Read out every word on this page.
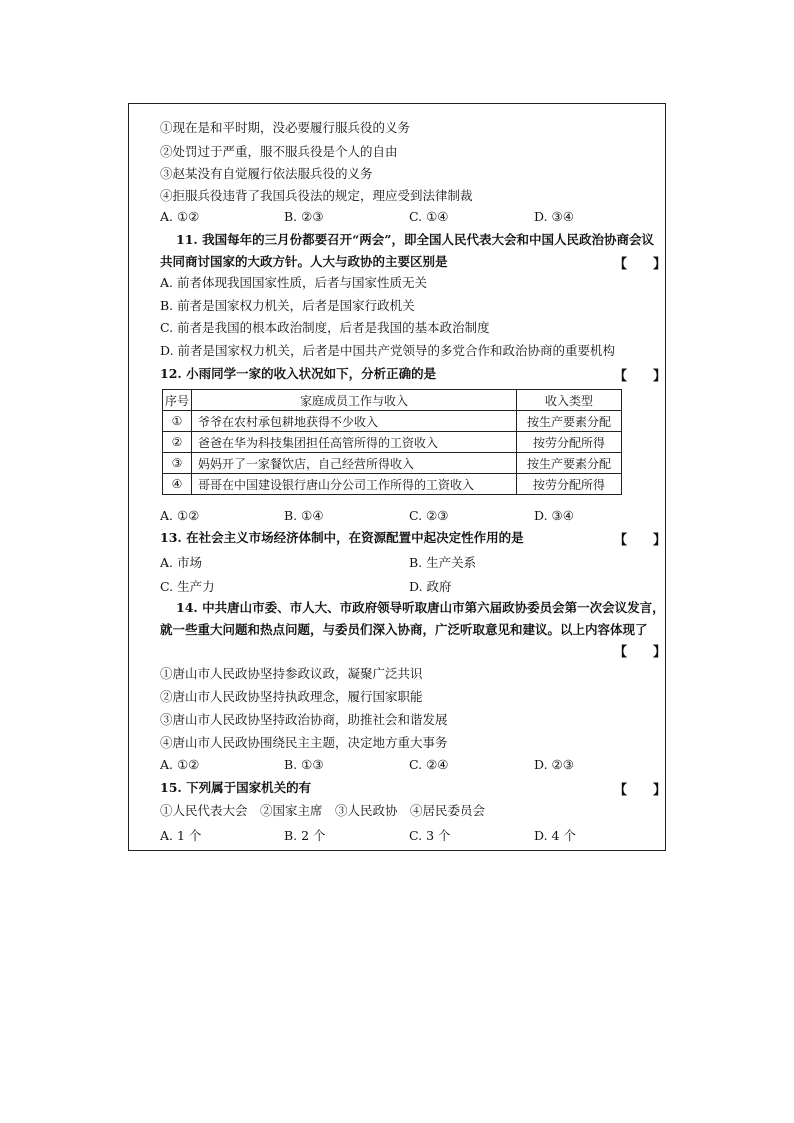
①现在是和平时期，没必要履行服兵役的义务
②处罚过于严重，服不服兵役是个人的自由
③赵某没有自觉履行依法服兵役的义务
④拒服兵役违背了我国兵役法的规定，理应受到法律制裁
A. ①②	B. ②③	C. ①④	D. ③④
11. 我国每年的三月份都要召开“两会”，即全国人民代表大会和中国人民政治协商会议
共同商讨国家的大政方针。人大与政协的主要区别是	【　　】
A. 前者体现我国国家性质，后者与国家性质无关
B. 前者是国家权力机关，后者是国家行政机关
C. 前者是我国的根本政治制度，后者是我国的基本政治制度
D. 前者是国家权力机关，后者是中国共产党领导的多党合作和政治协商的重要机构
12. 小雨同学一家的收入状况如下，分析正确的是	【　　】
序号	家庭成员工作与收入	收入类型
①	爷爷在农村承包耕地获得不少收入	按生产要素分配
②	爸爸在华为科技集团担任高管所得的工资收入	按劳分配所得
③	妈妈开了一家餐饮店，自己经营所得收入	按生产要素分配
④	哥哥在中国建设银行唐山分公司工作所得的工资收入	按劳分配所得
A. ①②	B. ①④	C. ②③	D. ③④
13. 在社会主义市场经济体制中，在资源配置中起决定性作用的是	【　　】
A. 市场	B. 生产关系
C. 生产力	D. 政府
14. 中共唐山市委、市人大、市政府领导听取唐山市第六届政协委员会第一次会议发言，
就一些重大问题和热点问题，与委员们深入协商，广泛听取意见和建议。以上内容体现了
【　　】
①唐山市人民政协坚持参政议政，凝聚广泛共识
②唐山市人民政协坚持执政理念，履行国家职能
③唐山市人民政协坚持政治协商，助推社会和谐发展
④唐山市人民政协围绕民主主题，决定地方重大事务
A. ①②	B. ①③	C. ②④	D. ②③
15. 下列属于国家机关的有	【　　】
①人民代表大会　②国家主席　③人民政协　④居民委员会
A. 1 个	B. 2 个	C. 3 个	D. 4 个
